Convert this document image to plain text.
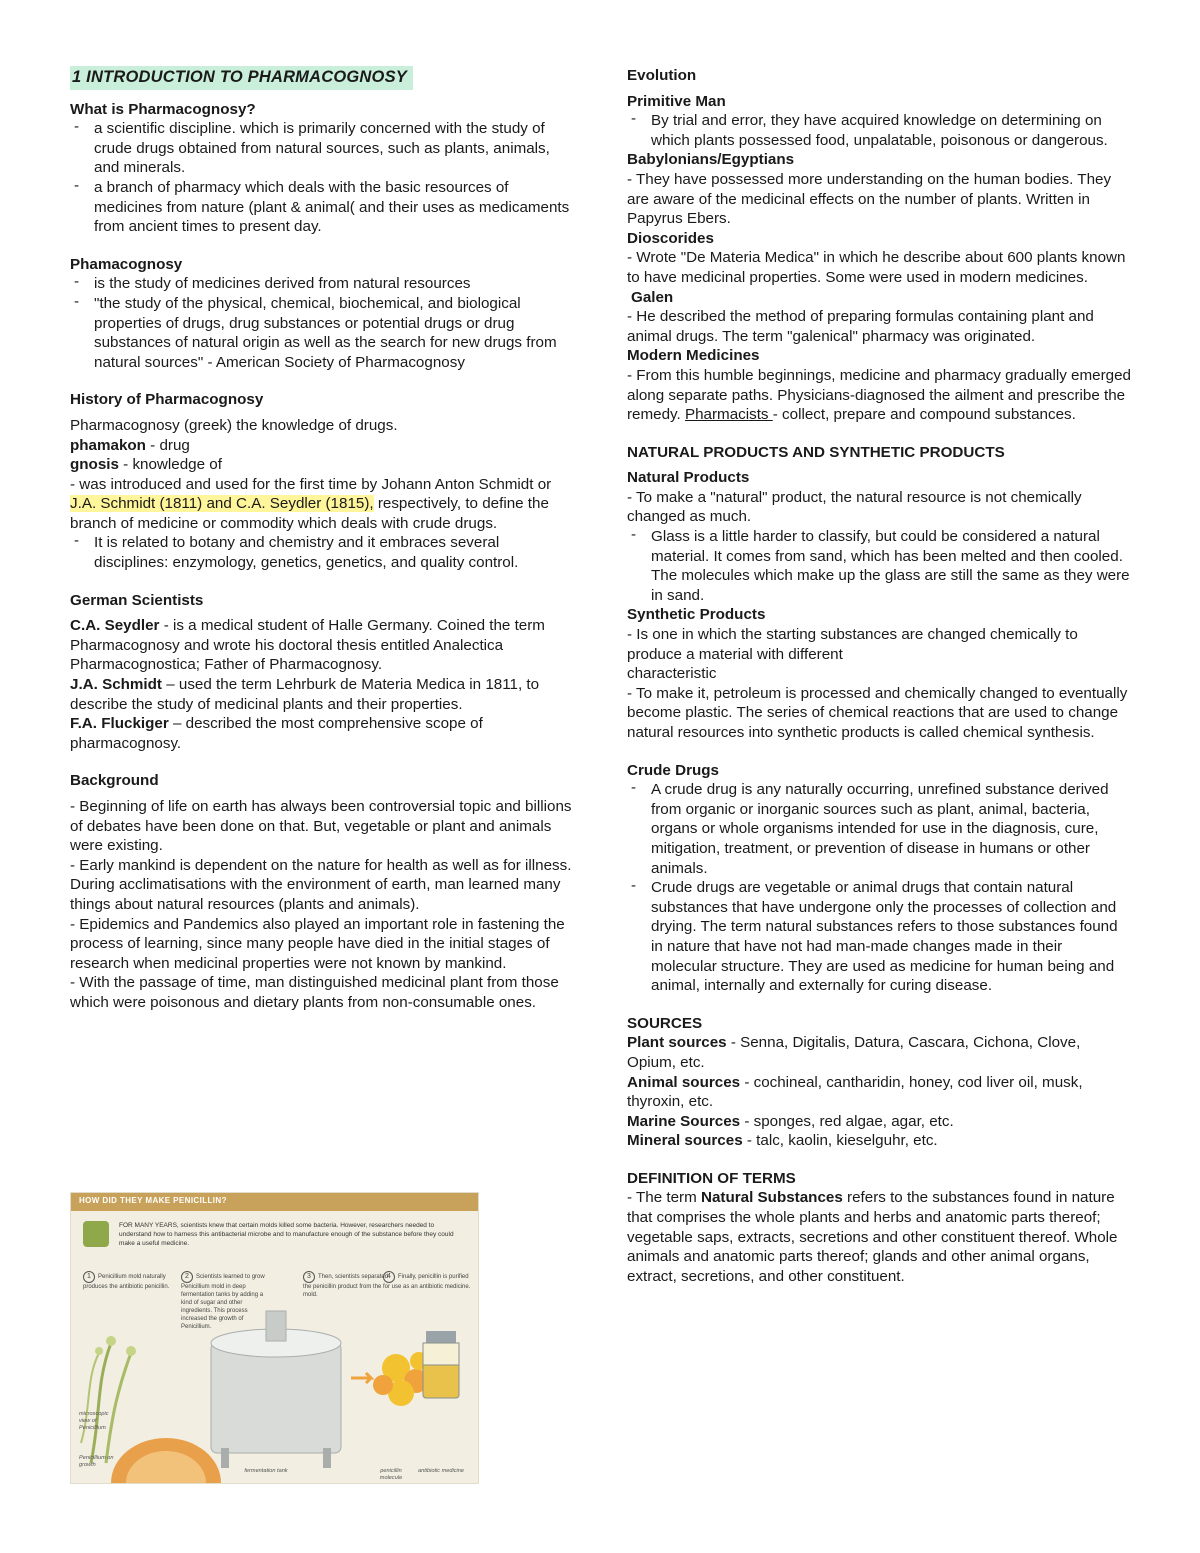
1 INTRODUCTION TO PHARMACOGNOSY

What is Pharmacognosy?

- a scientific discipline. which is primarily concerned with the study of crude drugs obtained from natural sources, such as plants, animals, and minerals.
- a branch of pharmacy which deals with the basic resources of medicines from nature (plant & animal( and their uses as medicaments from ancient times to present day.

Phamacognosy

- is the study of medicines derived from natural resources
- "the study of the physical, chemical, biochemical, and biological properties of drugs, drug substances or potential drugs or drug substances of natural origin as well as the search for new drugs from natural sources" - American Society of Pharmacognosy

History of Pharmacognosy

Pharmacognosy (greek) the knowledge of drugs.

phamakon - drug

gnosis - knowledge of

- was introduced and used for the first time by Johann Anton Schmidt or J.A. Schmidt (1811) and C.A. Seydler (1815), respectively, to define the branch of medicine or commodity which deals with crude drugs.

- It is related to botany and chemistry and it embraces several disciplines: enzymology, genetics, genetics, and quality control.

German Scientists

C.A. Seydler - is a medical student of Halle Germany. Coined the term Pharmacognosy and wrote his doctoral thesis entitled Analectica Pharmacognostica; Father of Pharmacognosy.

J.A. Schmidt – used the term Lehrburk de Materia Medica in 1811, to describe the study of medicinal plants and their properties.

F.A. Fluckiger – described the most comprehensive scope of pharmacognosy.

Background

- Beginning of life on earth has always been controversial topic and billions of debates have been done on that. But, vegetable or plant and animals were existing.

- Early mankind is dependent on the nature for health as well as for illness. During acclimatisations with the environment of earth, man learned many things about natural resources (plants and animals).

- Epidemics and Pandemics also played an important role in fastening the process of learning, since many people have died in the initial stages of research when medicinal properties were not known by mankind.

- With the passage of time, man distinguished medicinal plant from those which were poisonous and dietary plants from non-consumable ones.

HOW DID THEY MAKE PENICILLIN?
FOR MANY YEARS, scientists knew that certain molds killed some bacteria. However, researchers needed to understand how to harness this antibacterial microbe and to manufacture enough of the substance before they could make a useful medicine.
1 Penicillium mold naturally produces the antibiotic penicillin.
2 Scientists learned to grow Penicillium mold in deep fermentation tanks by adding a kind of sugar and other ingredients. This process increased the growth of Penicillium.
3 Then, scientists separated the penicillin product from the mold.
4 Finally, penicillin is purified for use as an antibiotic medicine.
microscopic view of Penicillium
Penicillium on growth
fermentation tank	penicillin molecule
antibiotic medicine

Evolution

Primitive Man

- By trial and error, they have acquired knowledge on determining on which plants possessed food, unpalatable, poisonous or dangerous.

Babylonians/Egyptians

- They have possessed more understanding on the human bodies. They are aware of the medicinal effects on the number of plants. Written in Papyrus Ebers.

Dioscorides

- Wrote "De Materia Medica" in which he describe about 600 plants known to have medicinal properties. Some were used in modern medicines.

Galen

- He described the method of preparing formulas containing plant and animal drugs. The term "galenical" pharmacy was originated.

Modern Medicines

- From this humble beginnings, medicine and pharmacy gradually emerged along separate paths. Physicians-diagnosed the ailment and prescribe the remedy. Pharmacists - collect, prepare and compound substances.

NATURAL PRODUCTS AND SYNTHETIC PRODUCTS

Natural Products

- To make a "natural" product, the natural resource is not chemically changed as much.

- Glass is a little harder to classify, but could be considered a natural material. It comes from sand, which has been melted and then cooled. The molecules which make up the glass are still the same as they were in sand.

Synthetic Products

- Is one in which the starting substances are changed chemically to produce a material with different

characteristic

- To make it, petroleum is processed and chemically changed to eventually become plastic. The series of chemical reactions that are used to change natural resources into synthetic products is called chemical synthesis.

Crude Drugs

- A crude drug is any naturally occurring, unrefined substance derived from organic or inorganic sources such as plant, animal, bacteria, organs or whole organisms intended for use in the diagnosis, cure, mitigation, treatment, or prevention of disease in humans or other animals.
- Crude drugs are vegetable or animal drugs that contain natural substances that have undergone only the processes of collection and drying. The term natural substances refers to those substances found in nature that have not had man-made changes made in their molecular structure. They are used as medicine for human being and animal, internally and externally for curing disease.

SOURCES

Plant sources - Senna, Digitalis, Datura, Cascara, Cichona, Clove, Opium, etc.

Animal sources - cochineal, cantharidin, honey, cod liver oil, musk, thyroxin, etc.

Marine Sources - sponges, red algae, agar, etc.

Mineral sources - talc, kaolin, kieselguhr, etc.

DEFINITION OF TERMS

- The term Natural Substances refers to the substances found in nature that comprises the whole plants and herbs and anatomic parts thereof; vegetable saps, extracts, secretions and other constituent thereof. Whole animals and anatomic parts thereof; glands and other animal organs, extract, secretions, and other constituent.
